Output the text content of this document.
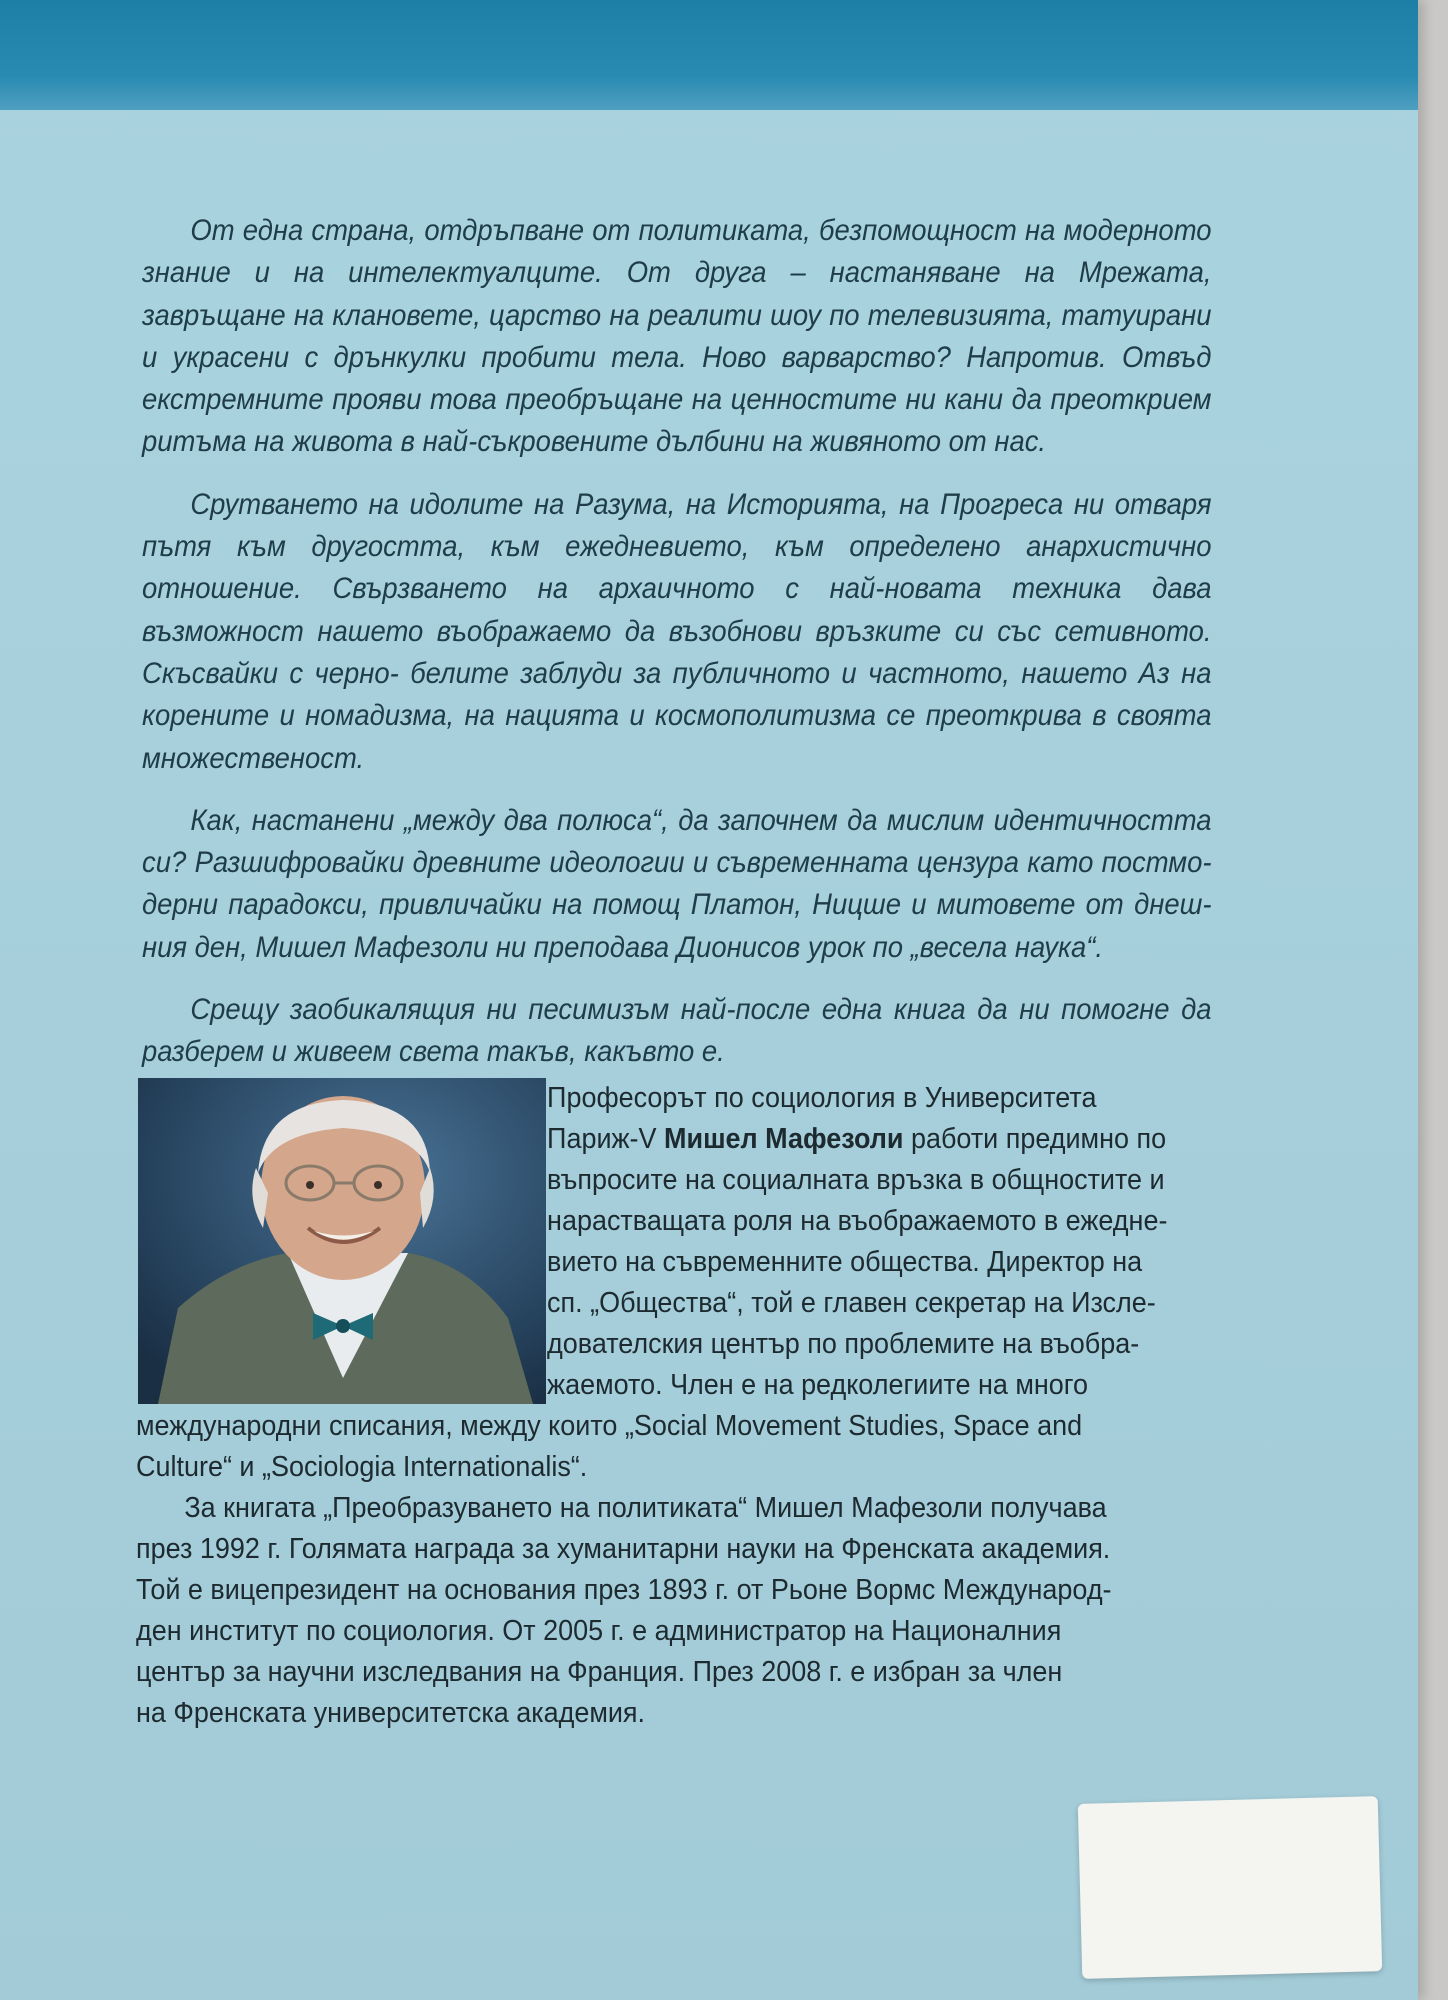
От една страна, отдръпване от политиката, безпомощност на модерното знание и на интелектуалците. От друга – настаняване на Мрежата, завръщане на клановете, царство на реалити шоу по телевизията, татуирани и украсени с дрънкулки пробити тела. Ново варварство? Напротив. Отвъд екстремните прояви това преобръщане на ценностите ни кани да преоткрием ритъма на живота в най-съкровените дълбини на живяното от нас.

Срутването на идолите на Разума, на Историята, на Прогреса ни отваря пътя към другостта, към ежедневието, към определено анархистично отношение. Свързването на архаичното с най-новата техника дава възможност нашето въображаемо да възобнови връзките си със сетивното. Скъсвайки с черно- белите заблуди за публичното и частното, нашето Аз на корените и номадизма, на нацията и космополитизма се преоткрива в своята множественост.

Как, настанени „между два полюса“, да започнем да мислим идентичността си? Разшифровайки древните идеологии и съвременната цензура като постмо- дерни парадокси, привличайки на помощ Платон, Ницше и митовете от днеш- ния ден, Мишел Мафезоли ни преподава Дионисов урок по „весела наука“.

Срещу заобикалящия ни песимизъм най-после една книга да ни помогне да разберем и живеем света такъв, какъвто е.

Професорът по социология в Университета
Париж-V Мишел Мафезоли работи предимно по
въпросите на социалната връзка в общностите и
нарастващата роля на въображаемото в ежедне-
вието на съвременните общества. Директор на
сп. „Общества“, той е главен секретар на Изсле-
дователския център по проблемите на въобра-
жаемото. Член е на редколегиите на много
международни списания, между които „Social Movement Studies, Space and
Culture“ и „Sociologia Internationalis“.
За книгата „Преобразуването на политиката“ Мишел Мафезоли получава
през 1992 г. Голямата награда за хуманитарни науки на Френската академия.
Той е вицепрезидент на основания през 1893 г. от Рьоне Вормс Международ-
ден институт по социология. От 2005 г. е администратор на Националния
център за научни изследвания на Франция. През 2008 г. е избран за член
на Френската университетска академия.
